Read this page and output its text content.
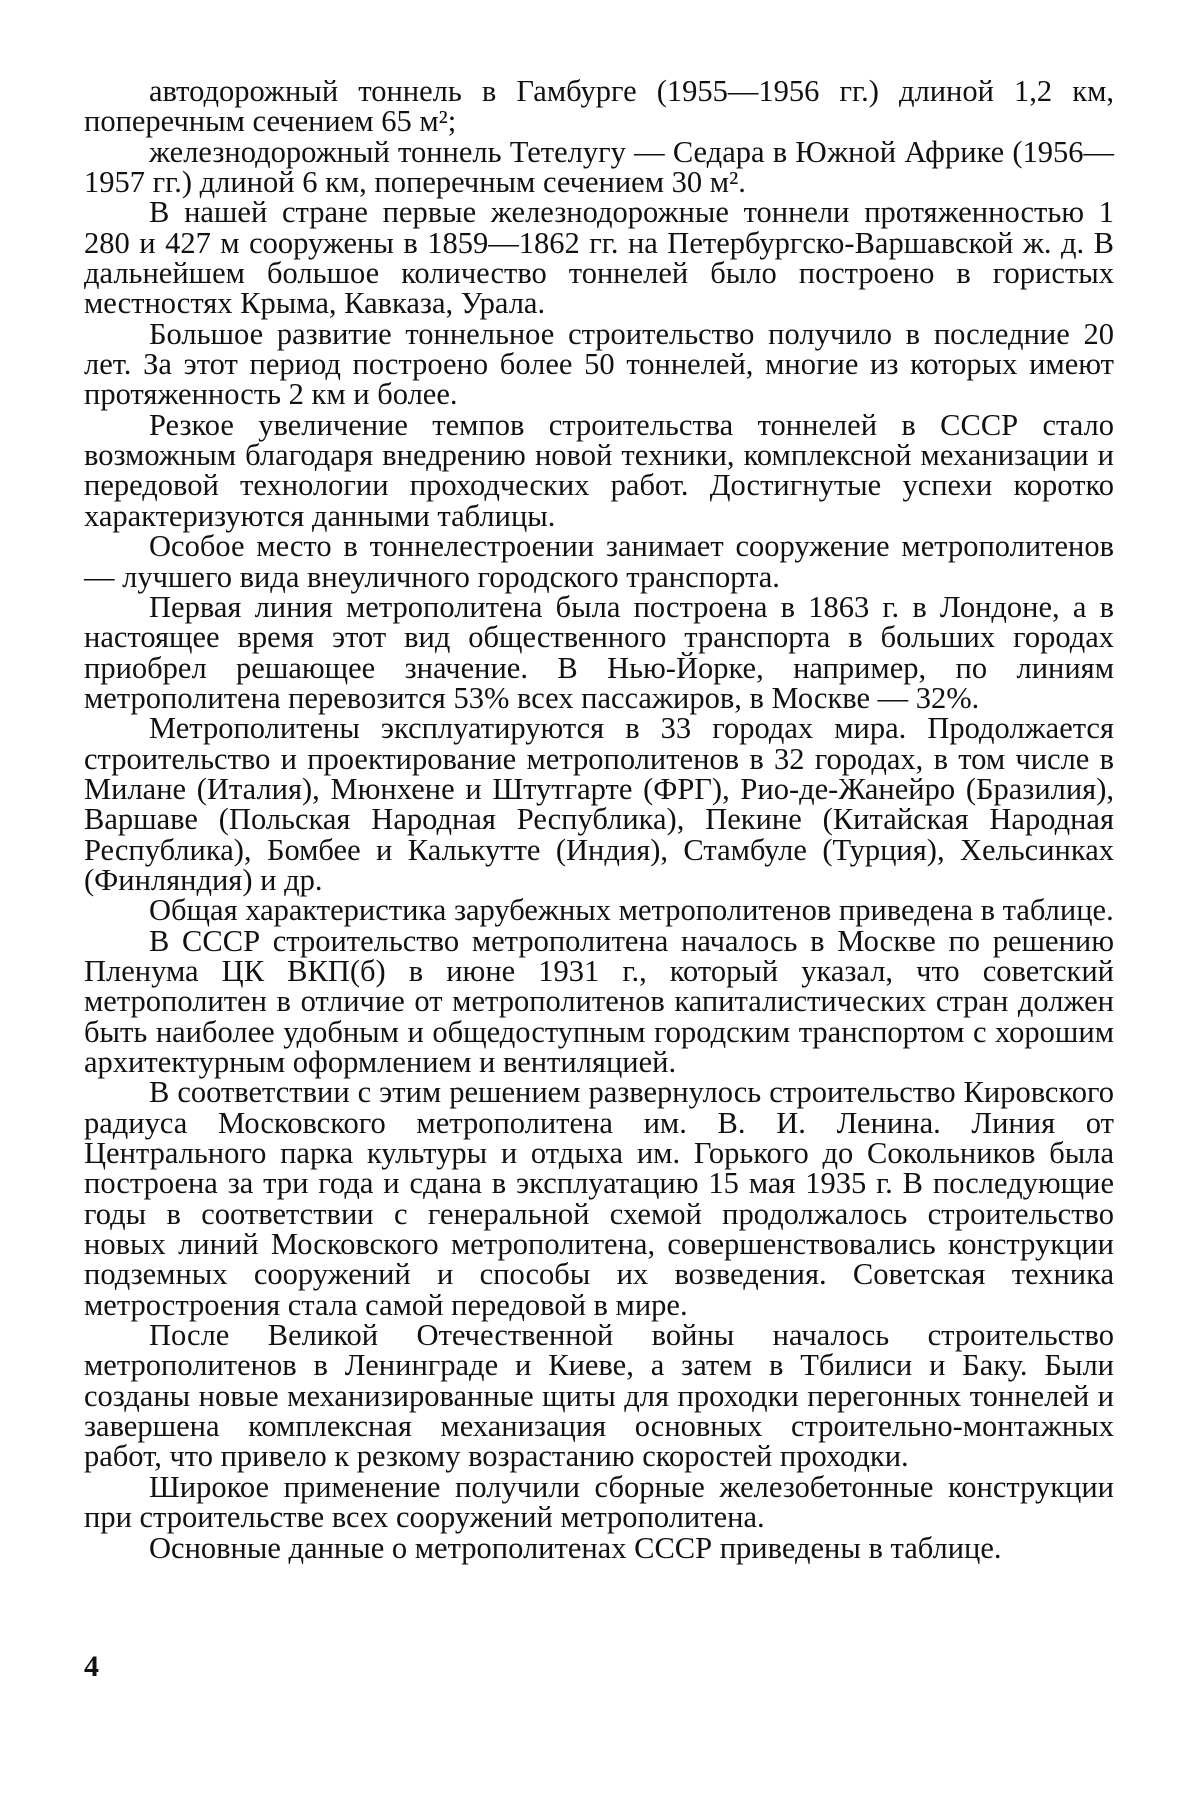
автодорожный тоннель в Гамбурге (1955—1956 гг.) длиной 1,2 км, поперечным сечением 65 м²;

железнодорожный тоннель Тетелугу — Седара в Южной Африке (1956—1957 гг.) длиной 6 км, поперечным сечением 30 м².

В нашей стране первые железнодорожные тоннели протяженностью 1 280 и 427 м сооружены в 1859—1862 гг. на Петербургско-Варшавской ж. д. В дальнейшем большое количество тоннелей было построено в гористых местностях Крыма, Кавказа, Урала.

Большое развитие тоннельное строительство получило в последние 20 лет. За этот период построено более 50 тоннелей, многие из которых имеют протяженность 2 км и более.

Резкое увеличение темпов строительства тоннелей в СССР стало возможным благодаря внедрению новой техники, комплексной механизации и передовой технологии проходческих работ. Достигнутые успехи коротко характеризуются данными таблицы.

Особое место в тоннелестроении занимает сооружение метрополитенов — лучшего вида внеуличного городского транспорта.

Первая линия метрополитена была построена в 1863 г. в Лондоне, а в настоящее время этот вид общественного транспорта в больших городах приобрел решающее значение. В Нью-Йорке, например, по линиям метрополитена перевозится 53% всех пассажиров, в Москве — 32%.

Метрополитены эксплуатируются в 33 городах мира. Продолжается строительство и проектирование метрополитенов в 32 городах, в том числе в Милане (Италия), Мюнхене и Штутгарте (ФРГ), Рио-де-Жанейро (Бразилия), Варшаве (Польская Народная Республика), Пекине (Китайская Народная Республика), Бомбее и Калькутте (Индия), Стамбуле (Турция), Хельсинках (Финляндия) и др.

Общая характеристика зарубежных метрополитенов приведена в таблице.

В СССР строительство метрополитена началось в Москве по решению Пленума ЦК ВКП(б) в июне 1931 г., который указал, что советский метрополитен в отличие от метрополитенов капиталистических стран должен быть наиболее удобным и общедоступным городским транспортом с хорошим архитектурным оформлением и вентиляцией.

В соответствии с этим решением развернулось строительство Кировского радиуса Московского метрополитена им. В. И. Ленина. Линия от Центрального парка культуры и отдыха им. Горького до Сокольников была построена за три года и сдана в эксплуатацию 15 мая 1935 г. В последующие годы в соответствии с генеральной схемой продолжалось строительство новых линий Московского метрополитена, совершенствовались конструкции подземных сооружений и способы их возведения. Советская техника метростроения стала самой передовой в мире.

После Великой Отечественной войны началось строительство метрополитенов в Ленинграде и Киеве, а затем в Тбилиси и Баку. Были созданы новые механизированные щиты для проходки перегонных тоннелей и завершена комплексная механизация основных строительно-монтажных работ, что привело к резкому возрастанию скоростей проходки.

Широкое применение получили сборные железобетонные конструкции при строительстве всех сооружений метрополитена.

Основные данные о метрополитенах СССР приведены в таблице.

4
